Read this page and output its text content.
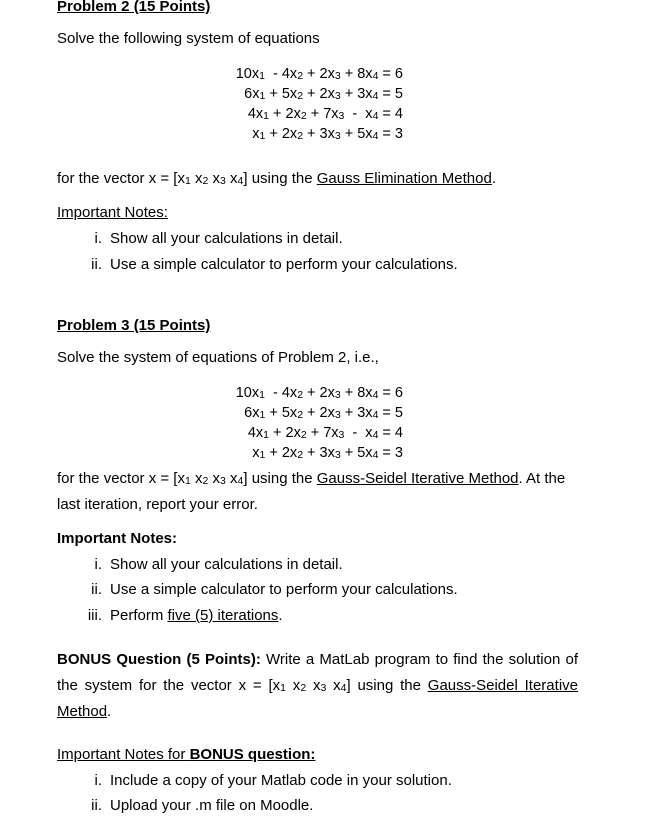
Problem 2 (15 Points)
Solve the following system of equations
10x1  - 4x2 + 2x3 + 8x4 = 6
6x1 + 5x2 + 2x3 + 3x4 = 5
4x1 + 2x2 + 7x3  -  x4 = 4
x1 + 2x2 + 3x3 + 5x4 = 3
for the vector x = [x1 x2 x3 x4] using the Gauss Elimination Method.
Important Notes:
i. Show all your calculations in detail.
ii. Use a simple calculator to perform your calculations.
Problem 3 (15 Points)
Solve the system of equations of Problem 2, i.e.,
10x1  - 4x2 + 2x3 + 8x4 = 6
6x1 + 5x2 + 2x3 + 3x4 = 5
4x1 + 2x2 + 7x3  -  x4 = 4
x1 + 2x2 + 3x3 + 5x4 = 3
for the vector x = [x1 x2 x3 x4] using the Gauss-Seidel Iterative Method. At the
last iteration, report your error.
Important Notes:
i. Show all your calculations in detail.
ii. Use a simple calculator to perform your calculations.
iii. Perform five (5) iterations.
BONUS Question (5 Points): Write a MatLab program to find the solution of
the system for the vector x = [x1 x2 x3 x4] using the Gauss-Seidel Iterative
Method.
Important Notes for BONUS question:
i. Include a copy of your Matlab code in your solution.
ii. Upload your .m file on Moodle.
